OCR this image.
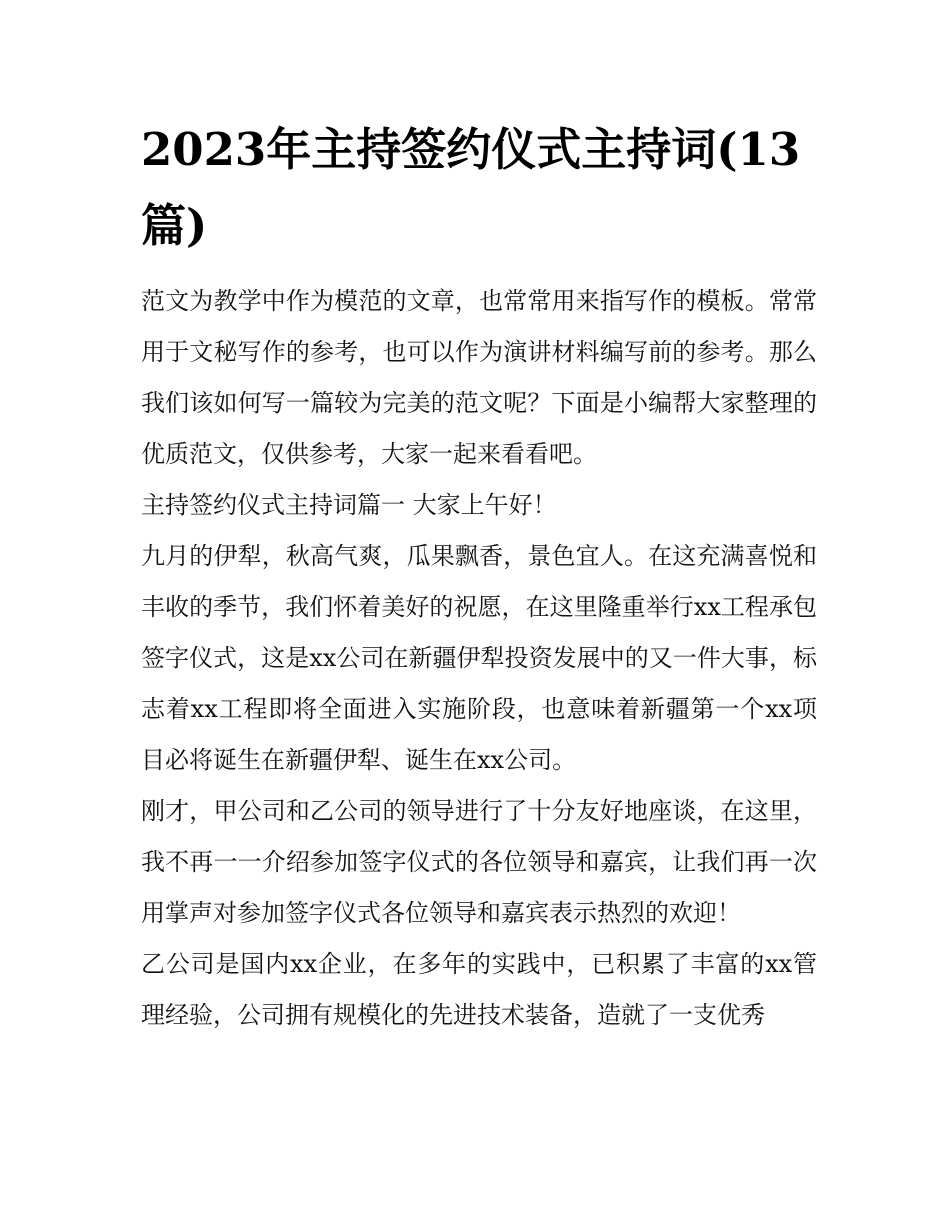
2023年主持签约仪式主持词(13篇)

范文为教学中作为模范的文章，也常常用来指写作的模板。常常用于文秘写作的参考，也可以作为演讲材料编写前的参考。那么我们该如何写一篇较为完美的范文呢？下面是小编帮大家整理的优质范文，仅供参考，大家一起来看看吧。

主持签约仪式主持词篇一 大家上午好！

九月的伊犁，秋高气爽，瓜果飘香，景色宜人。在这充满喜悦和丰收的季节，我们怀着美好的祝愿，在这里隆重举行xx工程承包签字仪式，这是xx公司在新疆伊犁投资发展中的又一件大事，标志着xx工程即将全面进入实施阶段，也意味着新疆第一个xx项目必将诞生在新疆伊犁、诞生在xx公司。

刚才，甲公司和乙公司的领导进行了十分友好地座谈，在这里，我不再一一介绍参加签字仪式的各位领导和嘉宾，让我们再一次用掌声对参加签字仪式各位领导和嘉宾表示热烈的欢迎！

乙公司是国内xx企业，在多年的实践中，已积累了丰富的xx管理经验，公司拥有规模化的先进技术装备，造就了一支优秀
